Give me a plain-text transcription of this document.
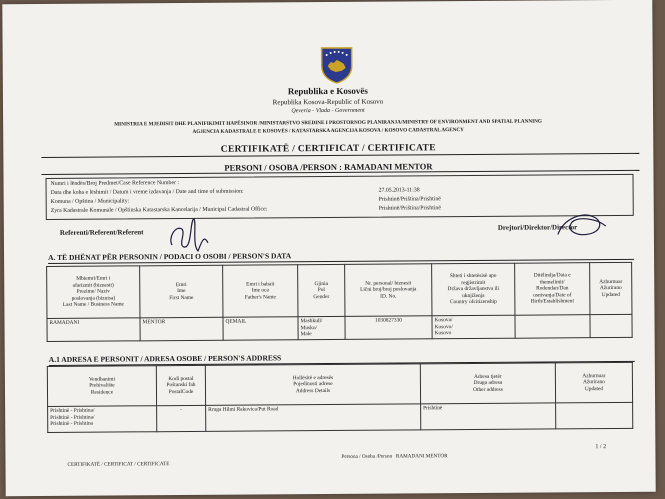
Republika e Kosovës
Republika Kosova-Republic of Kosovo
Qeveria - Vlada - Government
MINISTRIA E MJEDISIT DHE PLANIFIKIMIT HAPËSINOR /MINISTARSTVO SREDINE I PROSTORNOG PLANIRANJA/MINISTRY OF ENVIRONMENT AND SPATIAL PLANNING
AGJENCIA KADASTRALE E KOSOVËS / KATASTARSKA AGENCIJA KOSOVA / KOSOVO CADASTRAL AGENCY
CERTIFIKATË / CERTIFICAT / CERTIFICATE
PERSONI / OSOBA /PERSON : RAMADANI MENTOR
Numri i lëndës/Broj Predmet/Case Reference Number :
Data dhe koha e lëshimit / Datum i vreme izdavanja / Date and time of submission:	27.05.2013-11:38
Komuna / Opština / Municipality:	Prishtinë/Priština/Prishtinë
Zyra Kadastrale Komunale / Opštinska Katastarska Kancelarija / Municipal Cadastral Office:	Prishtinë/Priština/Prishtinë
Referenti/Referent/Referent
Drejtori/Direktor/Director
A. TË DHËNAT PËR PERSONIN / PODACI O OSOBI / PERSON'S DATA
Mbiemri/Emri i
afarizmit (biznesit)
Prezime/ Naziv
poslovanja (biznisa)
Last Name / Business Name	Emri
Ime
First Name	Emri i babait
Ime oca
Father's Name	Gjinia
Pol
Gender	Nr. personal/ biznesit
Lični broj/broj poslovanja
ID. No.	Shteti i shtetësisë apo
regjistrimit
Država državljanstva ili
uknjiženja
Country ofcitizenship	Ditëlindja/Data e
themelimit/
Rodendan/Dan
osnivanja/Date of
Birth/Establishment	Azhurnuar
Ažurirano
Updated
RAMADANI	MENTOR	QEMAIL	Mashkull/
Musko/
Male	1030827330	Kosova/
Kosovo/
Kosovo		
A.1 ADRESA E PERSONIT / ADRESA OSOBE / PERSON'S ADDRESS
Vendbanimi
Prebivalište
Residence	Kodi postal
Poštanski fah
PostalCode	Hollësitë e adresës
Pojedinosti adrese
Address Details	Adresa tjetër
Druga adresa
Other address	Azhurnuar
Ažurirano
Updated
Prishtinë - Prishtina/
Prishtinë - Prishtina/
Prishtinë - Prishtina	-	Rruga Hilmi Rakovica/Put Road	Prishtinë	
CERTIFIKATË / CERTIFICAT / CERTIFICATE
Persona / Osoba /Person RAMADANI MENTOR
1 / 2
